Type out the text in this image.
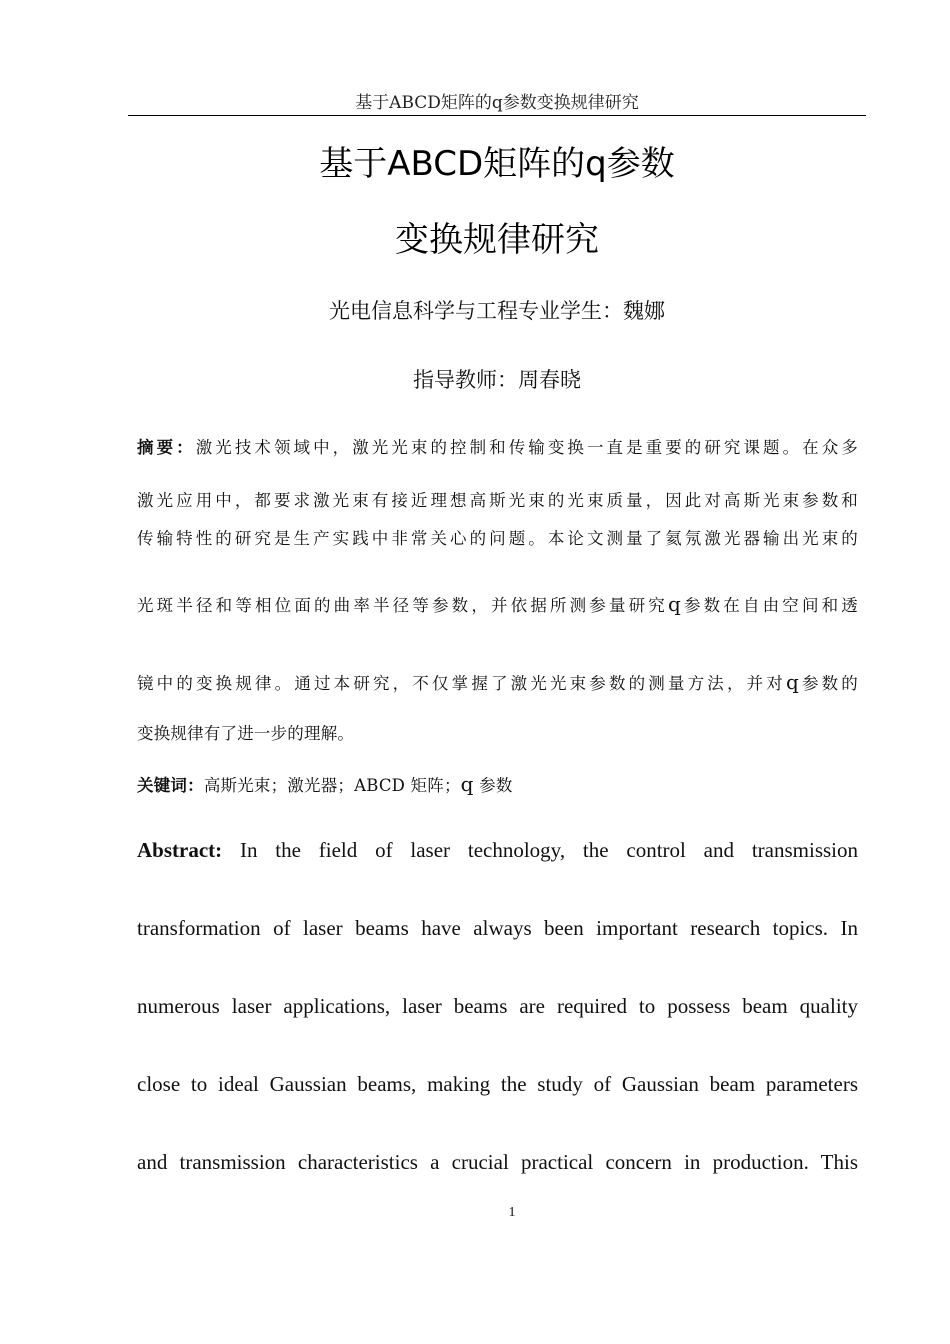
基于ABCD矩阵的q参数变换规律研究
基于ABCD矩阵的q参数
变换规律研究
光电信息科学与工程专业学生：魏娜
指导教师：周春晓
摘要：激光技术领域中，激光光束的控制和传输变换一直是重要的研究课题。在众多
激光应用中，都要求激光束有接近理想高斯光束的光束质量，因此对高斯光束参数和
传输特性的研究是生产实践中非常关心的问题。本论文测量了氦氖激光器输出光束的
光斑半径和等相位面的曲率半径等参数，并依据所测参量研究q参数在自由空间和透
镜中的变换规律。通过本研究，不仅掌握了激光光束参数的测量方法，并对q参数的
变换规律有了进一步的理解。
关键词：高斯光束；激光器；ABCD 矩阵；q 参数
Abstract: In the field of laser technology, the control and transmission
transformation of laser beams have always been important research topics. In
numerous laser applications, laser beams are required to possess beam quality
close to ideal Gaussian beams, making the study of Gaussian beam parameters
and transmission characteristics a crucial practical concern in production. This
1
